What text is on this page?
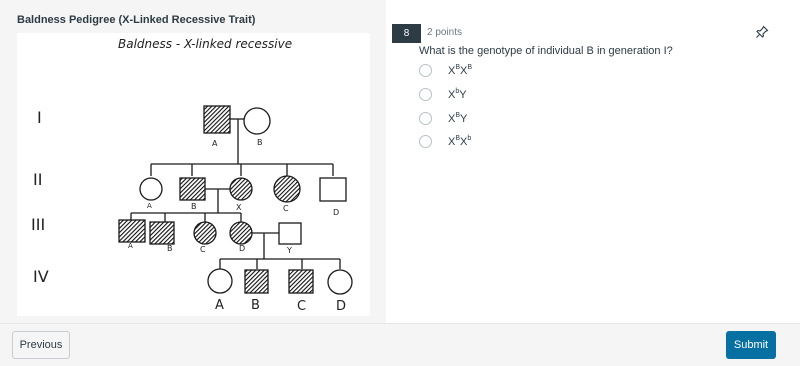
Baldness Pedigree (X-Linked Recessive Trait)
Baldness - X-linked recessive
I
II
III
IV
A	B
A	B	X	C	D
A	B	C	D	Y
A B	C D
8	2 points
What is the genotype of individual B in generation I?
$X^BX^B$
$X^bY$
$X^BY$
$X^BX^b$
Previous	Submit
